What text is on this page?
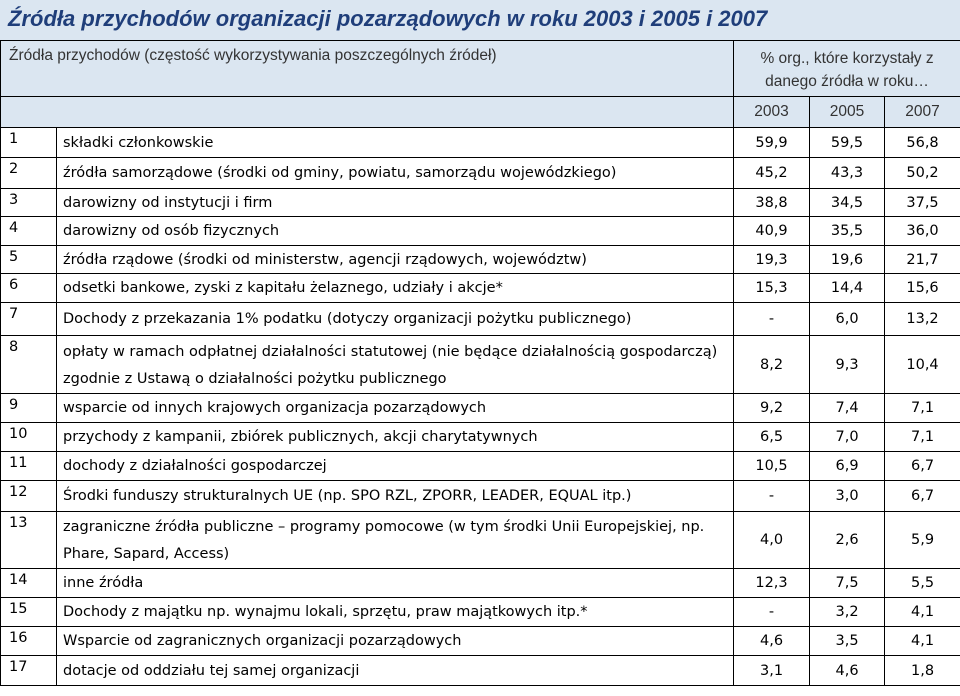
Źródła przychodów organizacji pozarządowych w roku 2003 i 2005 i 2007
Źródła przychodów (częstość wykorzystywania poszczególnych źródeł)		% org., które korzystały z danego źródła w roku…		
		2003	2005	2007
1	składki członkowskie	59,9	59,5	56,8
2	źródła samorządowe (środki od gminy, powiatu, samorządu wojewódzkiego)	45,2	43,3	50,2
3	darowizny od instytucji i firm	38,8	34,5	37,5
4	darowizny od osób fizycznych	40,9	35,5	36,0
5	źródła rządowe (środki od ministerstw, agencji rządowych, województw)	19,3	19,6	21,7
6	odsetki bankowe, zyski z kapitału żelaznego, udziały i akcje*	15,3	14,4	15,6
7	Dochody z przekazania 1% podatku (dotyczy organizacji pożytku publicznego)	-	6,0	13,2
8	opłaty w ramach odpłatnej działalności statutowej (nie będące działalnością gospodarczą) zgodnie z Ustawą o działalności pożytku publicznego	8,2	9,3	10,4
9	wsparcie od innych krajowych organizacja pozarządowych	9,2	7,4	7,1
10	przychody z kampanii, zbiórek publicznych, akcji charytatywnych	6,5	7,0	7,1
11	dochody z działalności gospodarczej	10,5	6,9	6,7
12	Środki funduszy strukturalnych UE (np. SPO RZL, ZPORR, LEADER, EQUAL itp.)	-	3,0	6,7
13	zagraniczne źródła publiczne – programy pomocowe (w tym środki Unii Europejskiej, np. Phare, Sapard, Access)	4,0	2,6	5,9
14	inne źródła	12,3	7,5	5,5
15	Dochody z majątku np. wynajmu lokali, sprzętu, praw majątkowych itp.*	-	3,2	4,1
16	Wsparcie od zagranicznych organizacji pozarządowych	4,6	3,5	4,1
17	dotacje od oddziału tej samej organizacji	3,1	4,6	1,8
